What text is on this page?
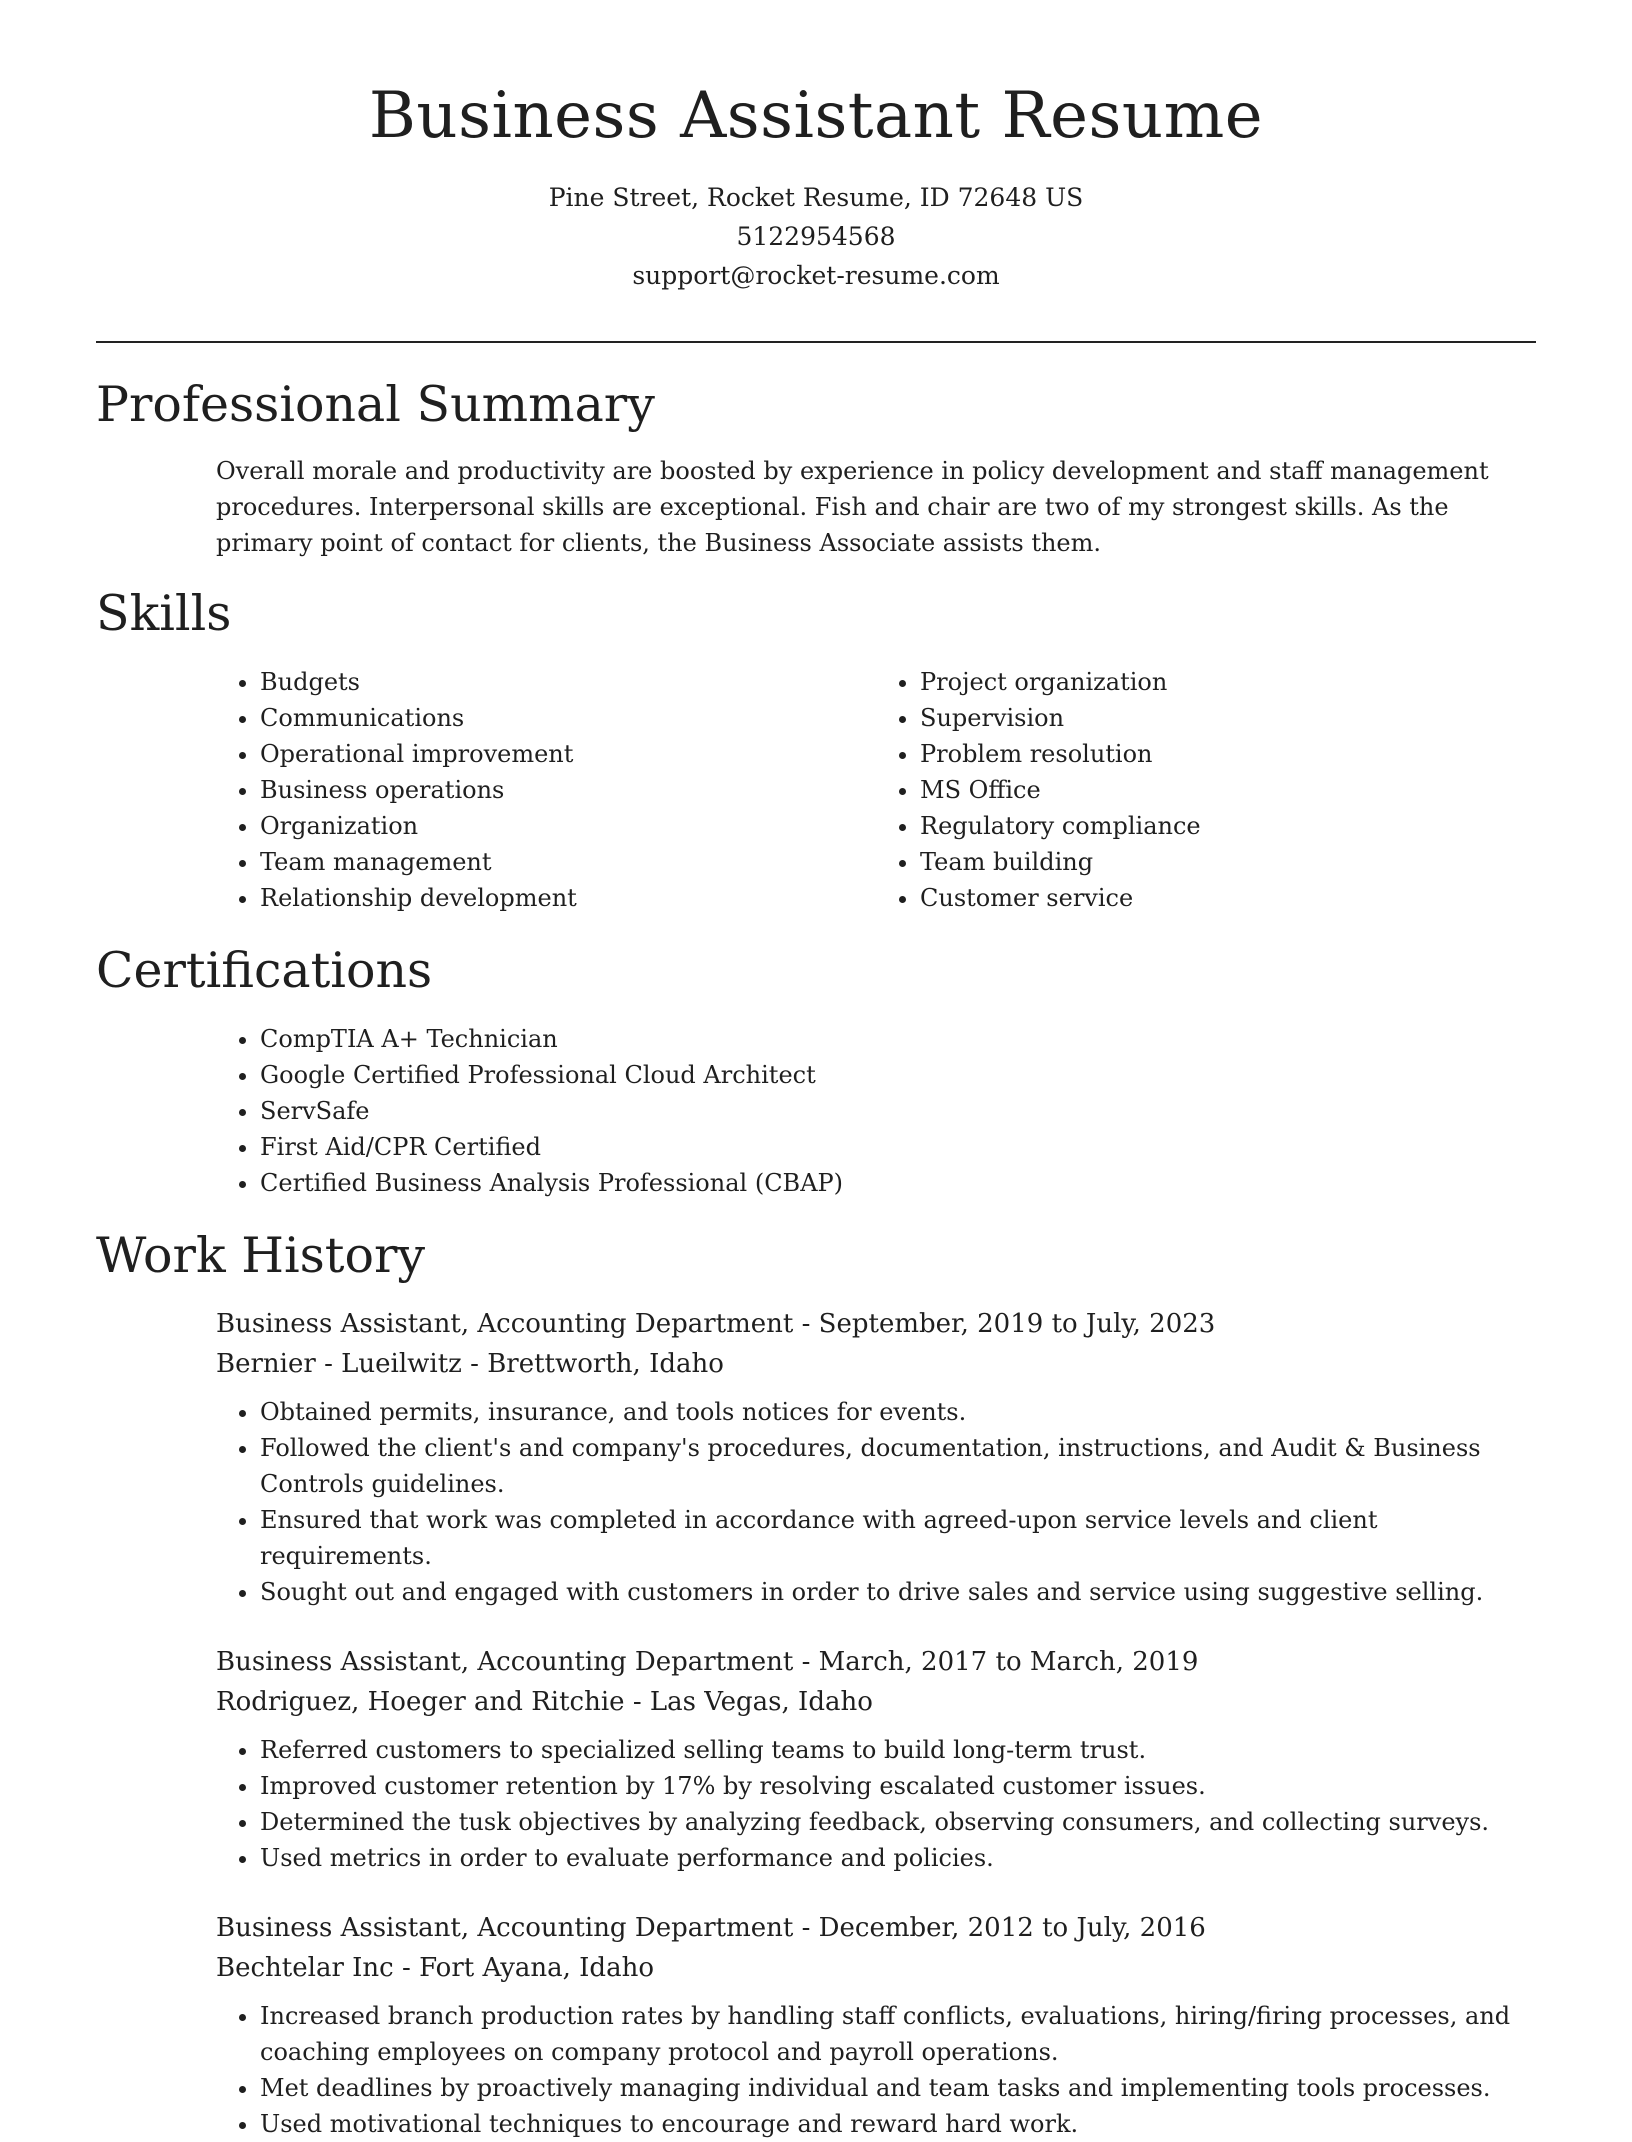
Business Assistant Resume
Pine Street, Rocket Resume, ID 72648 US
5122954568
support@rocket-resume.com
Professional Summary

Overall morale and productivity are boosted by experience in policy development and staff management procedures. Interpersonal skills are exceptional. Fish and chair are two of my strongest skills. As the primary point of contact for clients, the Business Associate assists them.

Skills
• Budgets
• Communications
• Operational improvement
• Business operations
• Organization
• Team management
• Relationship development
• Project organization
• Supervision
• Problem resolution
• MS Office
• Regulatory compliance
• Team building
• Customer service
Certifications
• CompTIA A+ Technician
• Google Certified Professional Cloud Architect
• ServSafe
• First Aid/CPR Certified
• Certified Business Analysis Professional (CBAP)
Work History
Business Assistant, Accounting Department - September, 2019 to July, 2023
Bernier - Lueilwitz - Brettworth, Idaho
• Obtained permits, insurance, and tools notices for events.
• Followed the client's and company's procedures, documentation, instructions, and Audit & Business Controls guidelines.
• Ensured that work was completed in accordance with agreed-upon service levels and client requirements.
• Sought out and engaged with customers in order to drive sales and service using suggestive selling.
Business Assistant, Accounting Department - March, 2017 to March, 2019
Rodriguez, Hoeger and Ritchie - Las Vegas, Idaho
• Referred customers to specialized selling teams to build long-term trust.
• Improved customer retention by 17% by resolving escalated customer issues.
• Determined the tusk objectives by analyzing feedback, observing consumers, and collecting surveys.
• Used metrics in order to evaluate performance and policies.
Business Assistant, Accounting Department - December, 2012 to July, 2016
Bechtelar Inc - Fort Ayana, Idaho
• Increased branch production rates by handling staff conflicts, evaluations, hiring/firing processes, and coaching employees on company protocol and payroll operations.
• Met deadlines by proactively managing individual and team tasks and implementing tools processes.
• Used motivational techniques to encourage and reward hard work.
